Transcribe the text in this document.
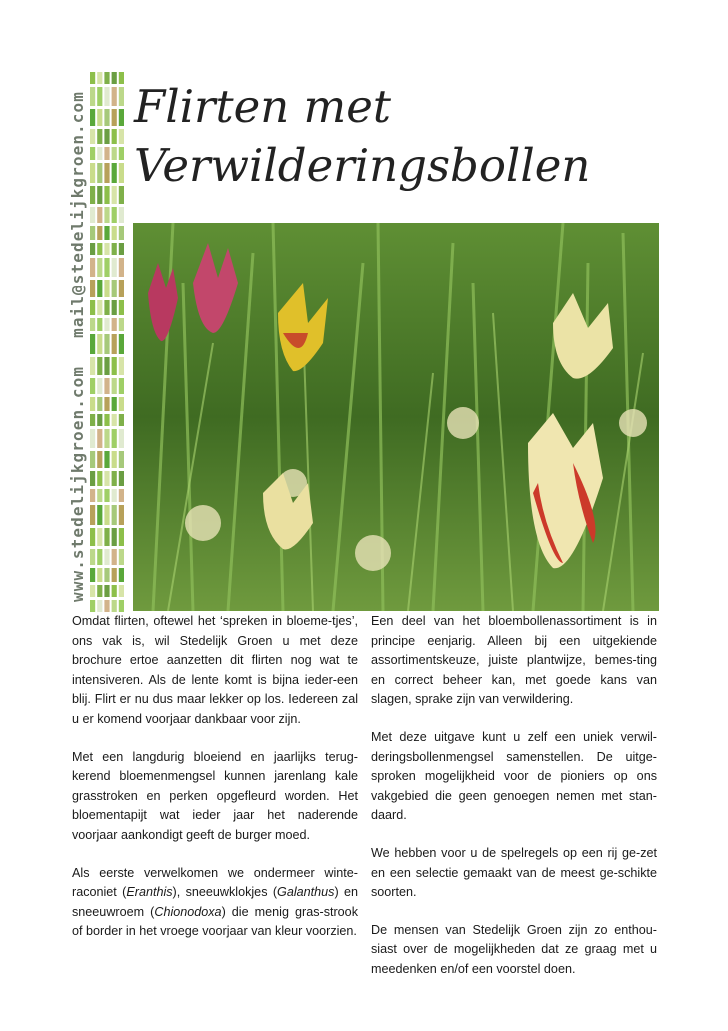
www.stedelijkgroen.com
mail@stedelijkgroen.com Flirten met
Verwilderingsbollen

Omdat flirten, oftewel het ‘spreken in bloeme-tjes’, ons vak is, wil Stedelijk Groen u met deze brochure ertoe aanzetten dit flirten nog wat te intensiveren. Als de lente komt is bijna ieder-een blij. Flirt er nu dus maar lekker op los. Iedereen zal u er komend voorjaar dankbaar voor zijn.

Met een langdurig bloeiend en jaarlijks terug-kerend bloemenmengsel kunnen jarenlang kale grasstroken en perken opgefleurd worden. Het bloementapijt wat ieder jaar het naderende voorjaar aankondigt geeft de burger moed.

Als eerste verwelkomen we ondermeer winte-raconiet (Eranthis), sneeuwklokjes (Galanthus) en sneeuwroem (Chionodoxa) die menig gras-strook of border in het vroege voorjaar van kleur voorzien.

Een deel van het bloembollenassortiment is in principe eenjarig. Alleen bij een uitgekiende assortimentskeuze, juiste plantwijze, bemes-ting en correct beheer kan, met goede kans van slagen, sprake zijn van verwildering.

Met deze uitgave kunt u zelf een uniek verwil-deringsbollenmengsel samenstellen. De uitge-sproken mogelijkheid voor de pioniers op ons vakgebied die geen genoegen nemen met stan-daard.

We hebben voor u de spelregels op een rij ge-zet en een selectie gemaakt van de meest ge-schikte soorten.

De mensen van Stedelijk Groen zijn zo enthou-siast over de mogelijkheden dat ze graag met u meedenken en/of een voorstel doen.
